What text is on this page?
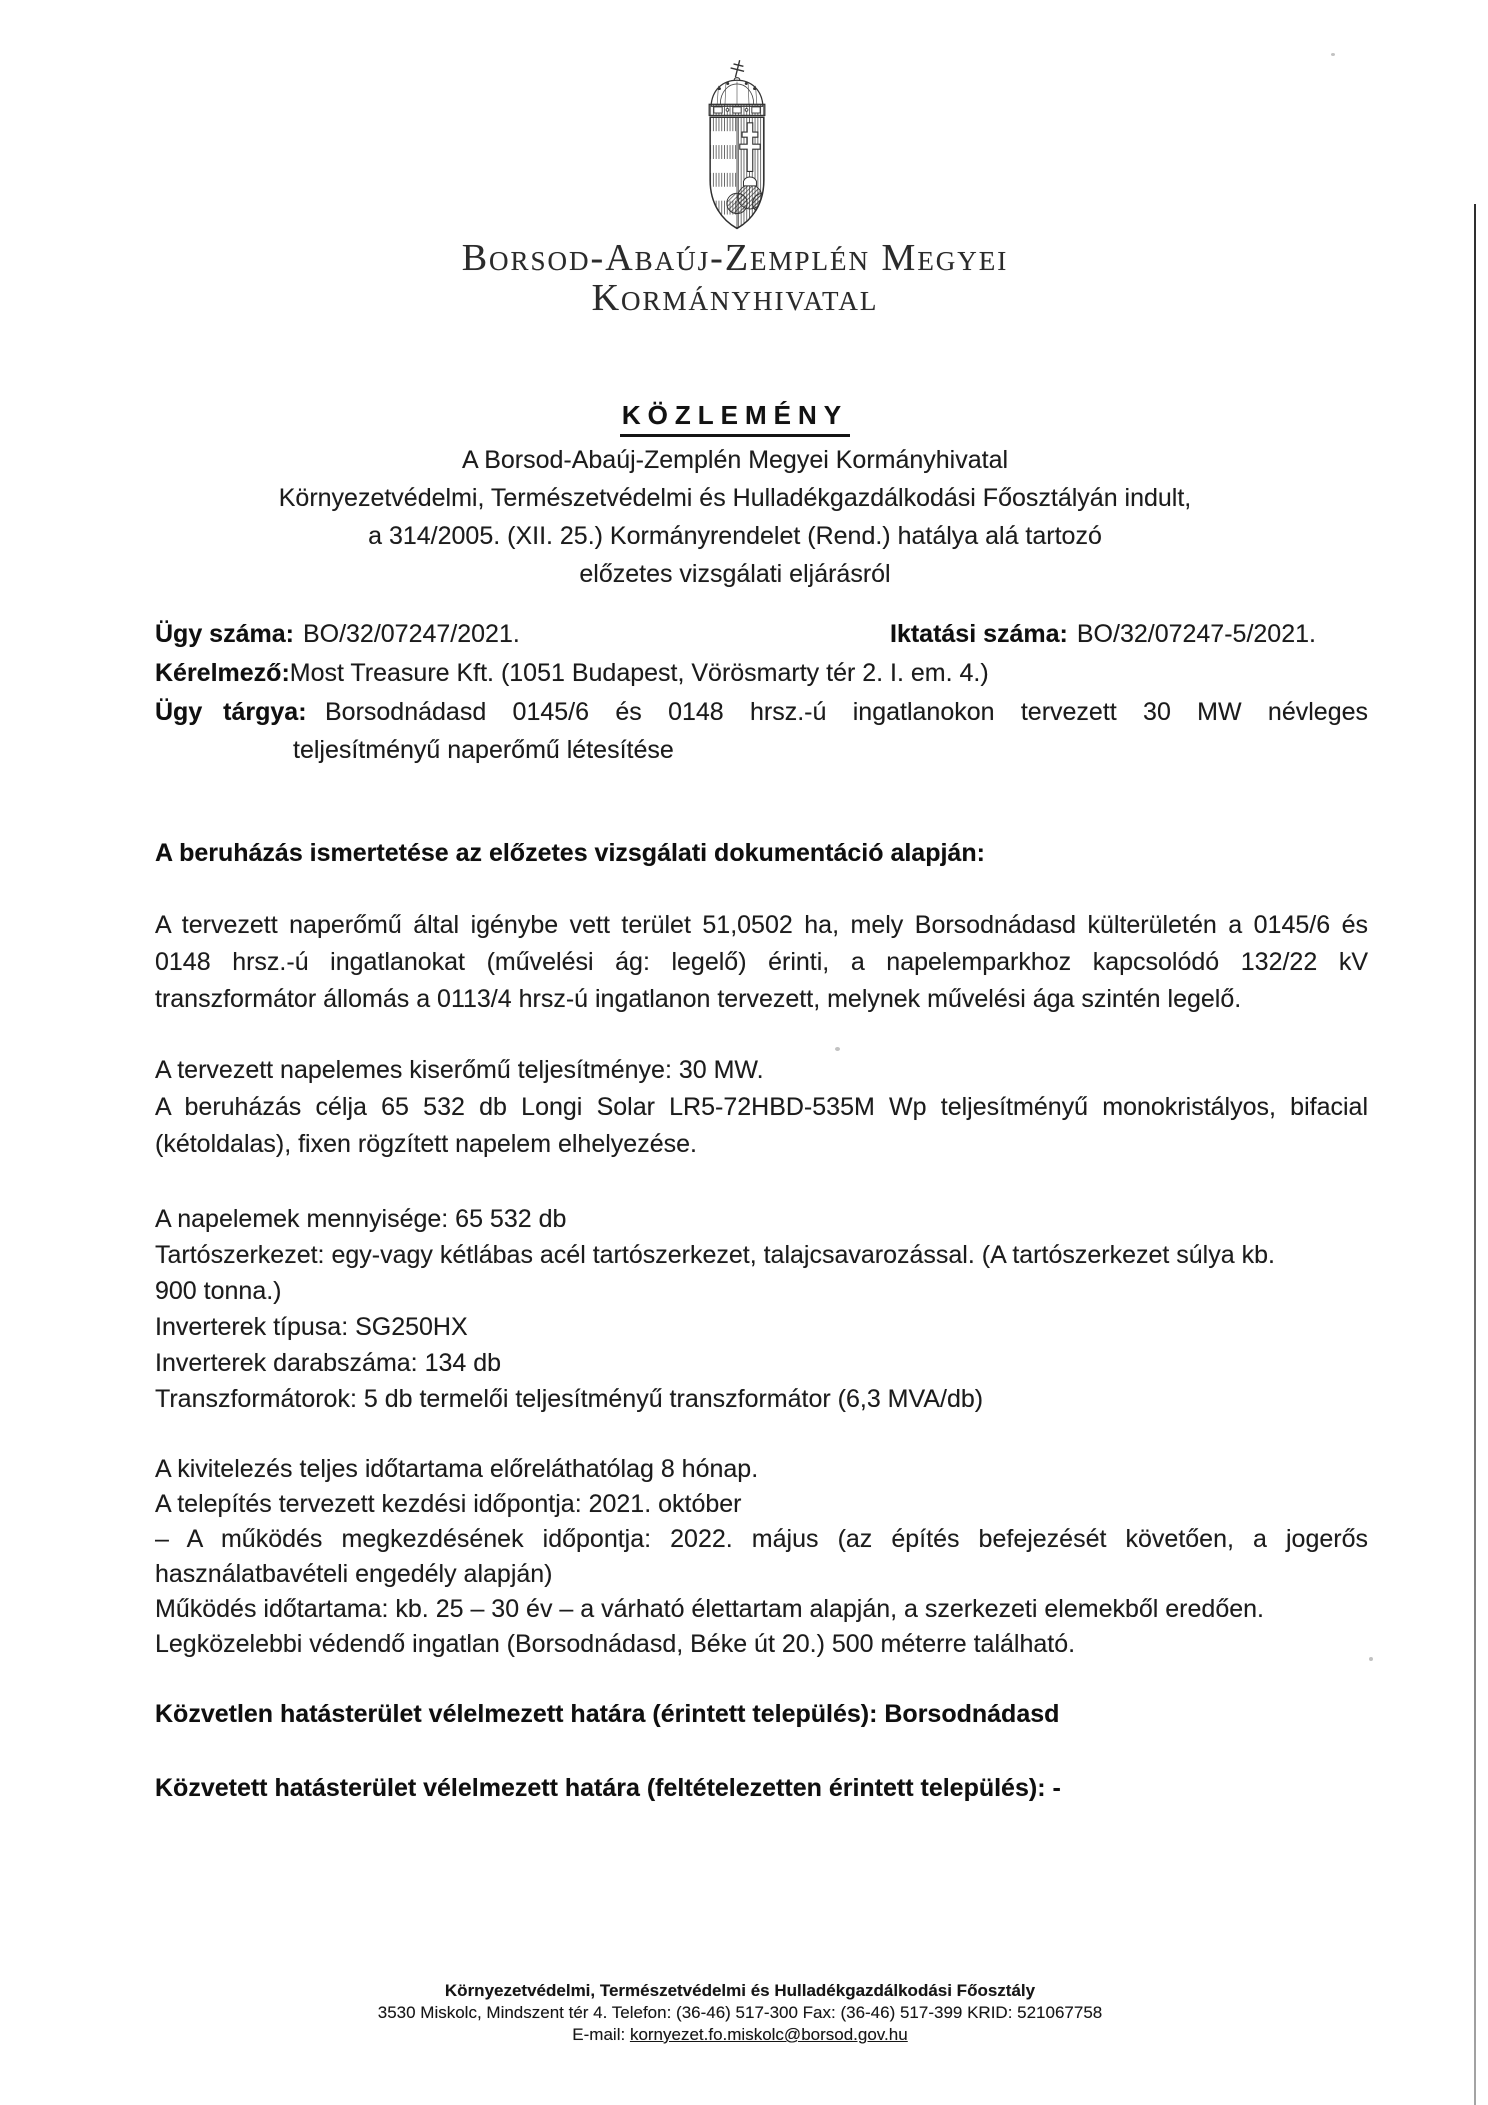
Borsod-Abaúj-Zemplén Megyei
Kormányhivatal
KÖZLEMÉNY
A Borsod-Abaúj-Zemplén Megyei Kormányhivatal
Környezetvédelmi, Természetvédelmi és Hulladékgazdálkodási Főosztályán indult,
a 314/2005. (XII. 25.) Kormányrendelet (Rend.) hatálya alá tartozó
előzetes vizsgálati eljárásról
Ügy száma: BO/32/07247/2021.	Iktatási száma: BO/32/07247-5/2021.
Kérelmező:Most Treasure Kft. (1051 Budapest, Vörösmarty tér 2. I. em. 4.)
Ügy tárgya: Borsodnádasd 0145/6 és 0148 hrsz.-ú ingatlanokon tervezett 30 MW névleges
teljesítményű naperőmű létesítése
A beruházás ismertetése az előzetes vizsgálati dokumentáció alapján:
A tervezett naperőmű által igénybe vett terület 51,0502 ha, mely Borsodnádasd külterületén a 0145/6 és
0148 hrsz.-ú ingatlanokat (művelési ág: legelő) érinti, a napelemparkhoz kapcsolódó 132/22 kV
transzformátor állomás a 0113/4 hrsz-ú ingatlanon tervezett, melynek művelési ága szintén legelő.
A tervezett napelemes kiserőmű teljesítménye: 30 MW.
A beruházás célja 65 532 db Longi Solar LR5-72HBD-535M Wp teljesítményű monokristályos, bifacial
(kétoldalas), fixen rögzített napelem elhelyezése.
A napelemek mennyisége: 65 532 db
Tartószerkezet: egy-vagy kétlábas acél tartószerkezet, talajcsavarozással. (A tartószerkezet súlya kb.
900 tonna.)
Inverterek típusa: SG250HX
Inverterek darabszáma: 134 db
Transzformátorok: 5 db termelői teljesítményű transzformátor (6,3 MVA/db)
A kivitelezés teljes időtartama előreláthatólag 8 hónap.
A telepítés tervezett kezdési időpontja: 2021. október
– A működés megkezdésének időpontja: 2022. május (az építés befejezését követően, a jogerős
használatbavételi engedély alapján)
Működés időtartama: kb. 25 – 30 év – a várható élettartam alapján, a szerkezeti elemekből eredően.
Legközelebbi védendő ingatlan (Borsodnádasd, Béke út 20.) 500 méterre található.
Közvetlen hatásterület vélelmezett határa (érintett település): Borsodnádasd
Közvetett hatásterület vélelmezett határa (feltételezetten érintett település): -
Környezetvédelmi, Természetvédelmi és Hulladékgazdálkodási Főosztály
3530 Miskolc, Mindszent tér 4. Telefon: (36-46) 517-300 Fax: (36-46) 517-399 KRID: 521067758
E-mail: kornyezet.fo.miskolc@borsod.gov.hu
